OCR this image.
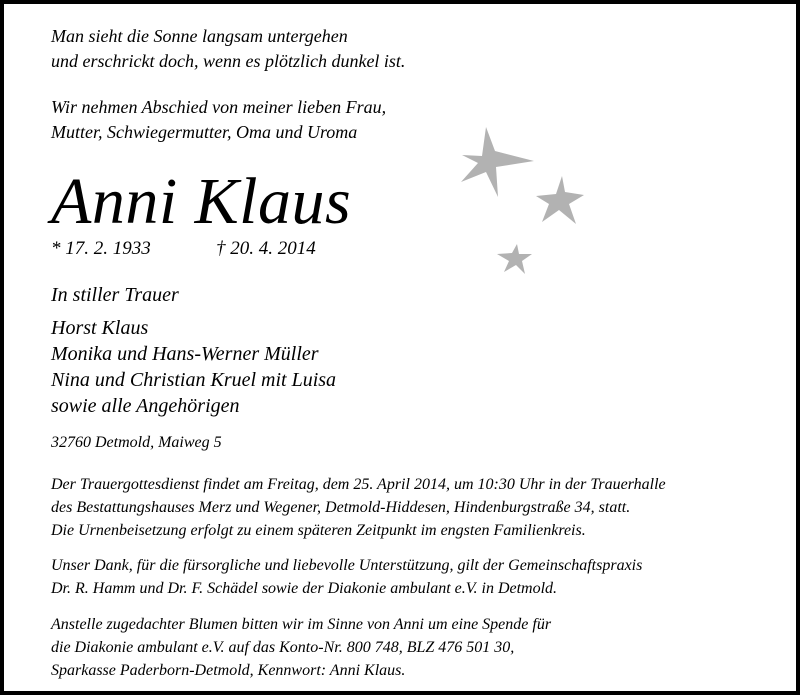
Man sieht die Sonne langsam untergehen
und erschrickt doch, wenn es plötzlich dunkel ist.
Wir nehmen Abschied von meiner lieben Frau,
Mutter, Schwiegermutter, Oma und Uroma
Anni Klaus
* 17. 2. 1933	† 20. 4. 2014
In stiller Trauer
Horst Klaus
Monika und Hans-Werner Müller
Nina und Christian Kruel mit Luisa
sowie alle Angehörigen
32760 Detmold, Maiweg 5
Der Trauergottesdienst findet am Freitag, dem 25. April 2014, um 10:30 Uhr in der Trauerhalle
des Bestattungshauses Merz und Wegener, Detmold-Hiddesen, Hindenburgstraße 34, statt.
Die Urnenbeisetzung erfolgt zu einem späteren Zeitpunkt im engsten Familienkreis.
Unser Dank, für die fürsorgliche und liebevolle Unterstützung, gilt der Gemeinschaftspraxis
Dr. R. Hamm und Dr. F. Schädel sowie der Diakonie ambulant e.V. in Detmold.
Anstelle zugedachter Blumen bitten wir im Sinne von Anni um eine Spende für
die Diakonie ambulant e.V. auf das Konto-Nr. 800 748, BLZ 476 501 30,
Sparkasse Paderborn-Detmold, Kennwort: Anni Klaus.
